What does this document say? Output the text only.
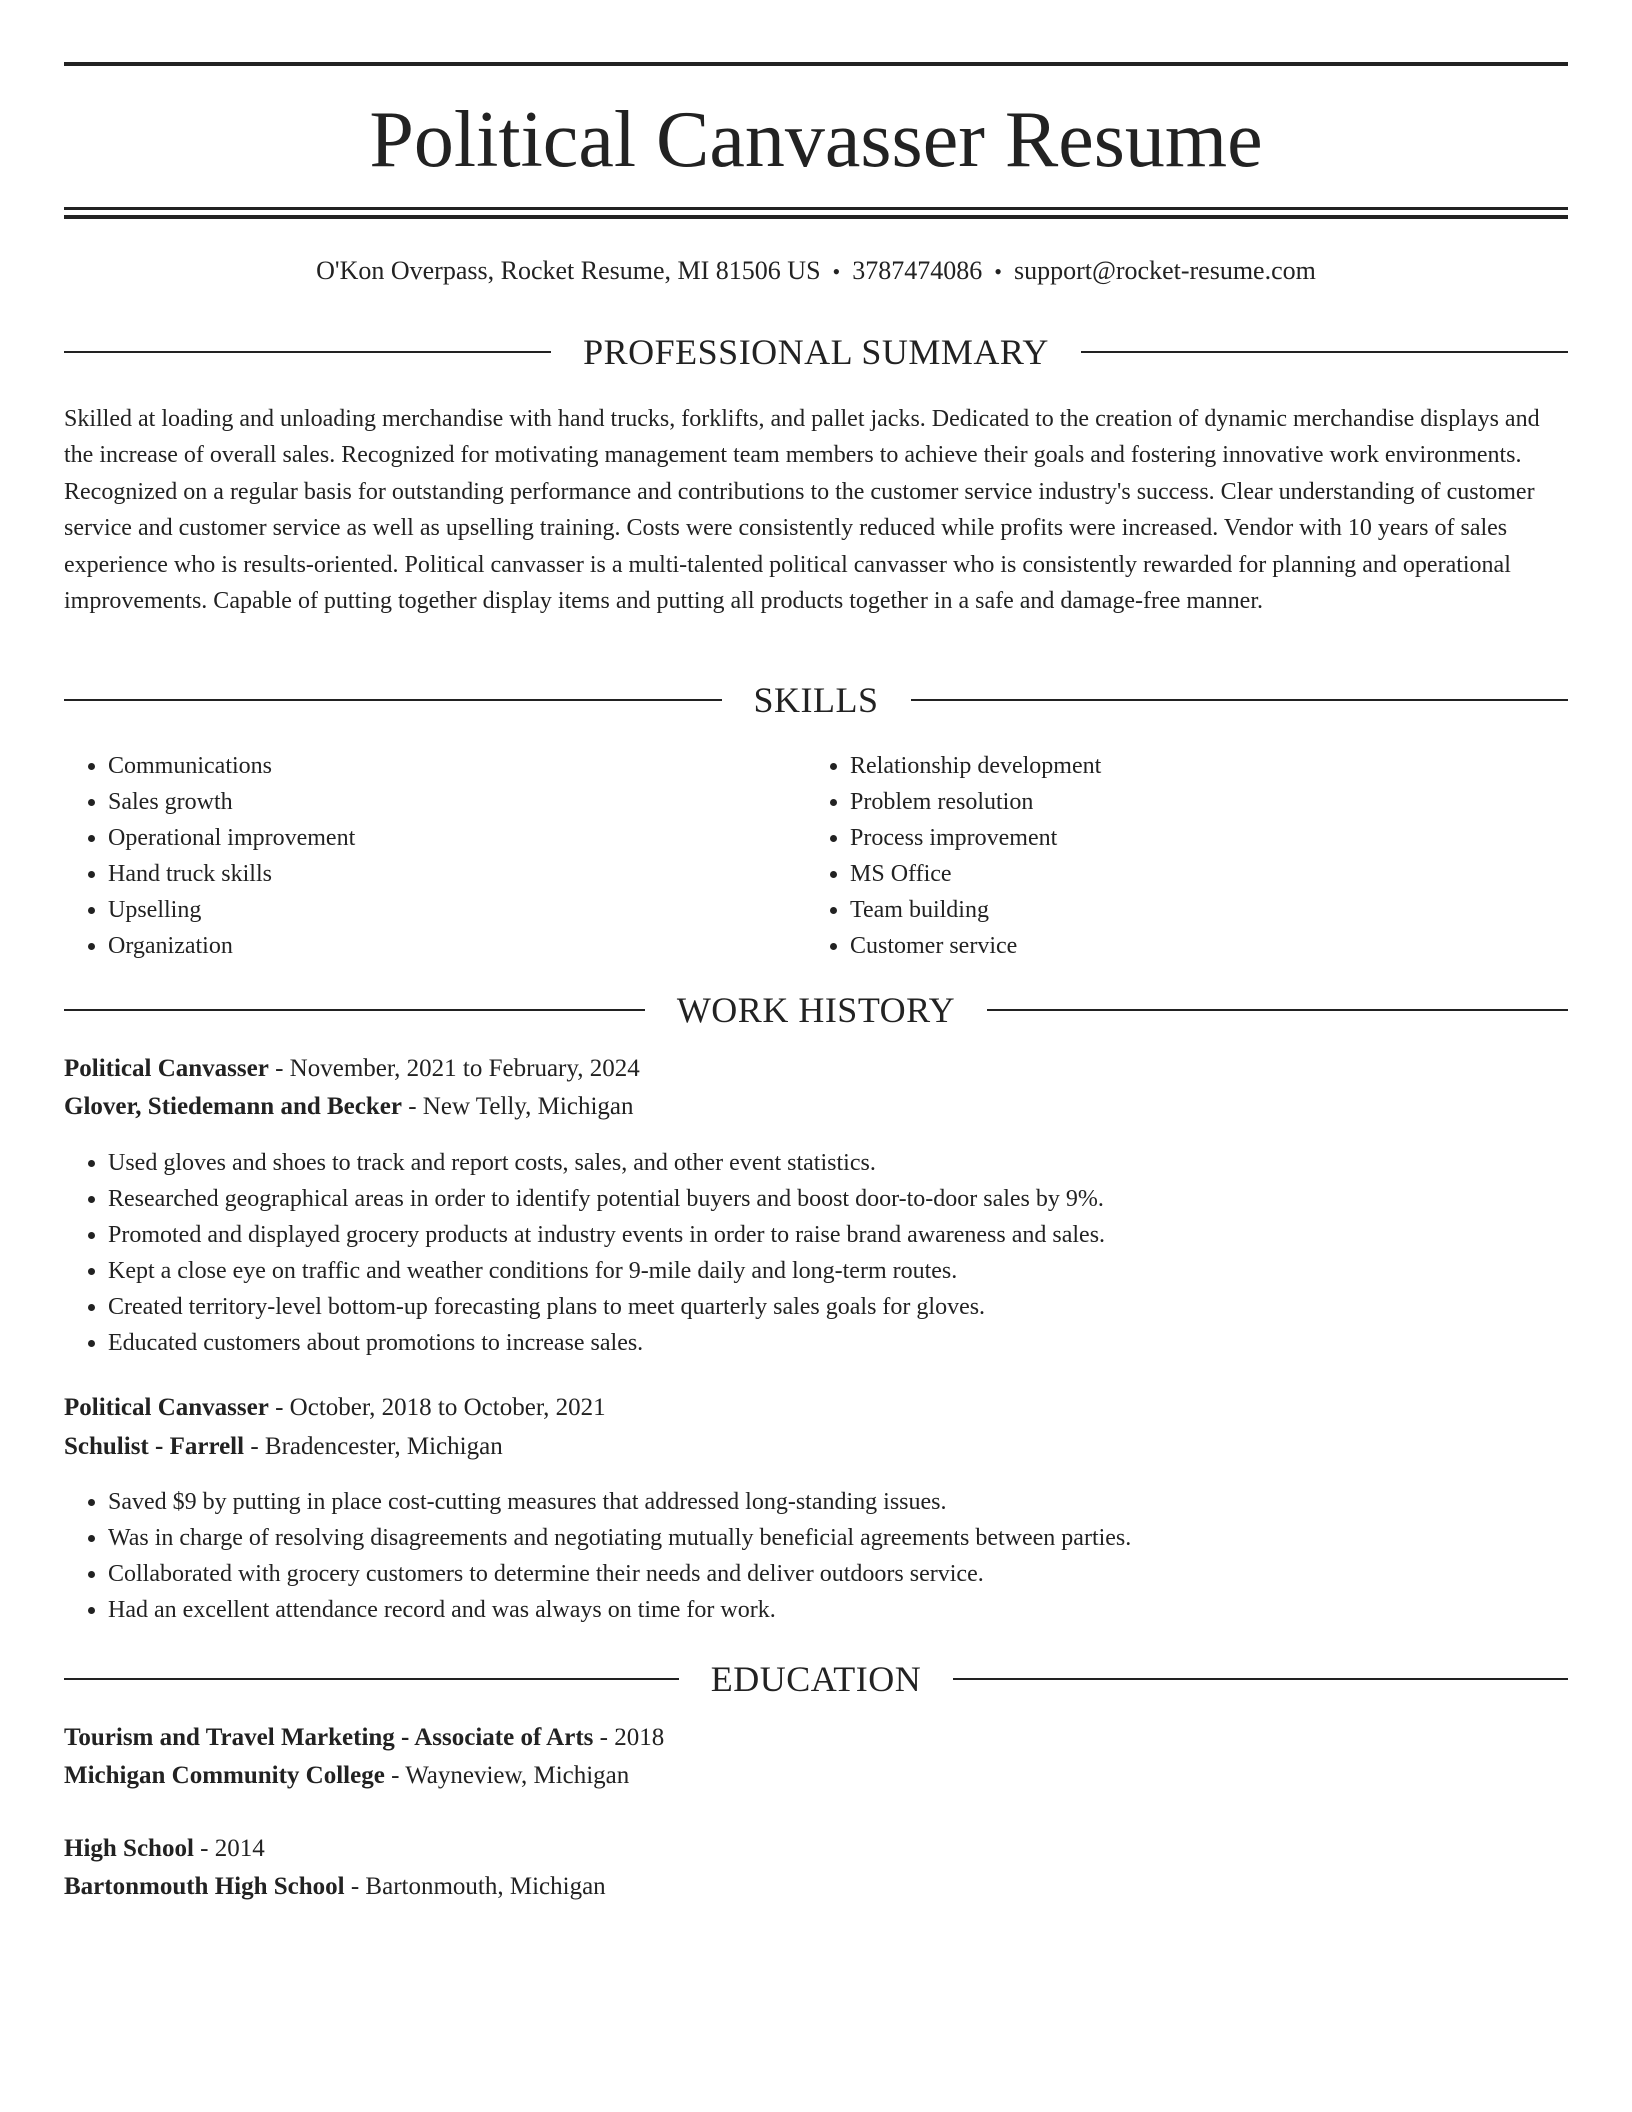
Political Canvasser Resume
O'Kon Overpass, Rocket Resume, MI 81506 US • 3787474086 • support@rocket-resume.com
PROFESSIONAL SUMMARY
Skilled at loading and unloading merchandise with hand trucks, forklifts, and pallet jacks. Dedicated to the creation of dynamic merchandise displays and the increase of overall sales. Recognized for motivating management team members to achieve their goals and fostering innovative work environments. Recognized on a regular basis for outstanding performance and contributions to the customer service industry's success. Clear understanding of customer service and customer service as well as upselling training. Costs were consistently reduced while profits were increased. Vendor with 10 years of sales experience who is results-oriented. Political canvasser is a multi-talented political canvasser who is consistently rewarded for planning and operational improvements. Capable of putting together display items and putting all products together in a safe and damage-free manner.
SKILLS
• Communications
• Sales growth
• Operational improvement
• Hand truck skills
• Upselling
• Organization
• Relationship development
• Problem resolution
• Process improvement
• MS Office
• Team building
• Customer service
WORK HISTORY
Political Canvasser - November, 2021 to February, 2024
Glover, Stiedemann and Becker - New Telly, Michigan
• Used gloves and shoes to track and report costs, sales, and other event statistics.
• Researched geographical areas in order to identify potential buyers and boost door-to-door sales by 9%.
• Promoted and displayed grocery products at industry events in order to raise brand awareness and sales.
• Kept a close eye on traffic and weather conditions for 9-mile daily and long-term routes.
• Created territory-level bottom-up forecasting plans to meet quarterly sales goals for gloves.
• Educated customers about promotions to increase sales.
Political Canvasser - October, 2018 to October, 2021
Schulist - Farrell - Bradencester, Michigan
• Saved $9 by putting in place cost-cutting measures that addressed long-standing issues.
• Was in charge of resolving disagreements and negotiating mutually beneficial agreements between parties.
• Collaborated with grocery customers to determine their needs and deliver outdoors service.
• Had an excellent attendance record and was always on time for work.
EDUCATION
Tourism and Travel Marketing - Associate of Arts - 2018
Michigan Community College - Wayneview, Michigan
High School - 2014
Bartonmouth High School - Bartonmouth, Michigan
